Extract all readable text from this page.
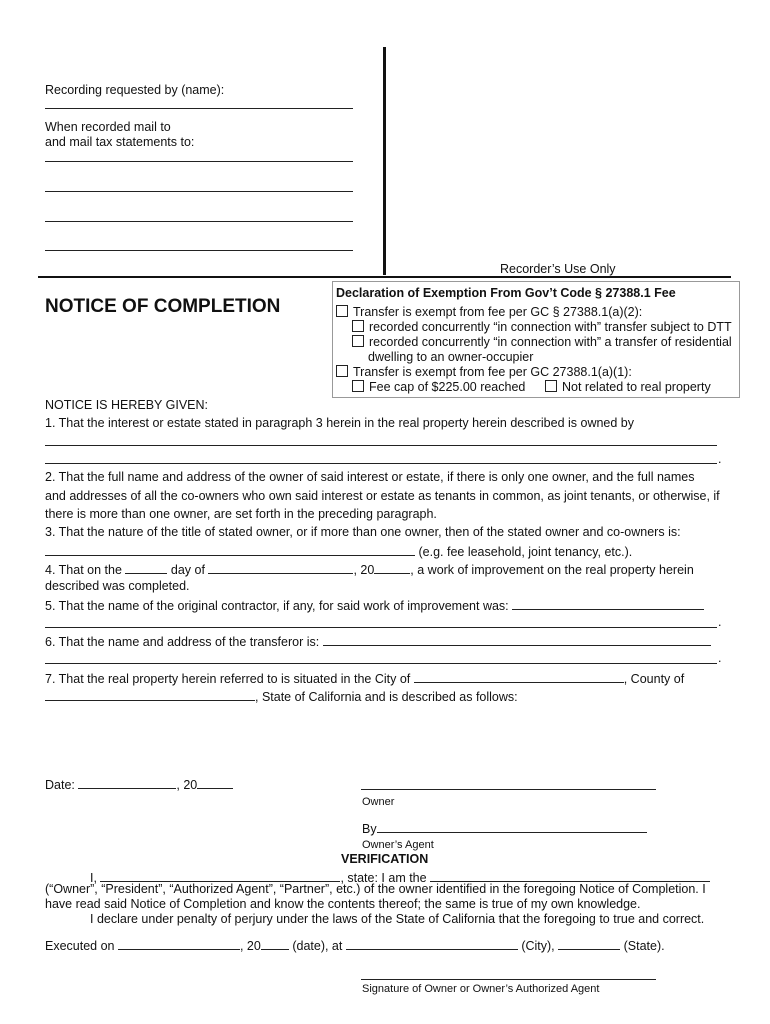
Recording requested by (name):
When recorded mail to
and mail tax statements to:
Recorder’s Use Only
NOTICE OF COMPLETION
Declaration of Exemption From Gov’t Code § 27388.1 Fee
Transfer is exempt from fee per GC § 27388.1(a)(2):
recorded concurrently “in connection with” transfer subject to DTT
recorded concurrently “in connection with” a transfer of residential
dwelling to an owner-occupier
Transfer is exempt from fee per GC 27388.1(a)(1):
Fee cap of $225.00 reached	Not related to real property
NOTICE IS HEREBY GIVEN:
1. That the interest or estate stated in paragraph 3 herein in the real property herein described is owned by
.
2. That the full name and address of the owner of said interest or estate, if there is only one owner, and the full names
and addresses of all the co-owners who own said interest or estate as tenants in common, as joint tenants, or otherwise, if
there is more than one owner, are set forth in the preceding paragraph.
3. That the nature of the title of stated owner, or if more than one owner, then of the stated owner and co-owners is:
(e.g. fee leasehold, joint tenancy, etc.).
4. That on the	day of	, 20	, a work of improvement on the real property herein
described was completed.
5. That the name of the original contractor, if any, for said work of improvement was:
.
6. That the name and address of the transferor is:
.
7. That the real property herein referred to is situated in the City of	, County of
, State of California and is described as follows:
Date:	, 20
Owner
By
Owner’s Agent
VERIFICATION
I,	, state: I am the
(“Owner”, “President”, “Authorized Agent”, “Partner”, etc.) of the owner identified in the foregoing Notice of Completion. I
have read said Notice of Completion and know the contents thereof; the same is true of my own knowledge.
I declare under penalty of perjury under the laws of the State of California that the foregoing to true and correct.
Executed on	, 20	(date), at	(City),	(State).
Signature of Owner or Owner’s Authorized Agent
